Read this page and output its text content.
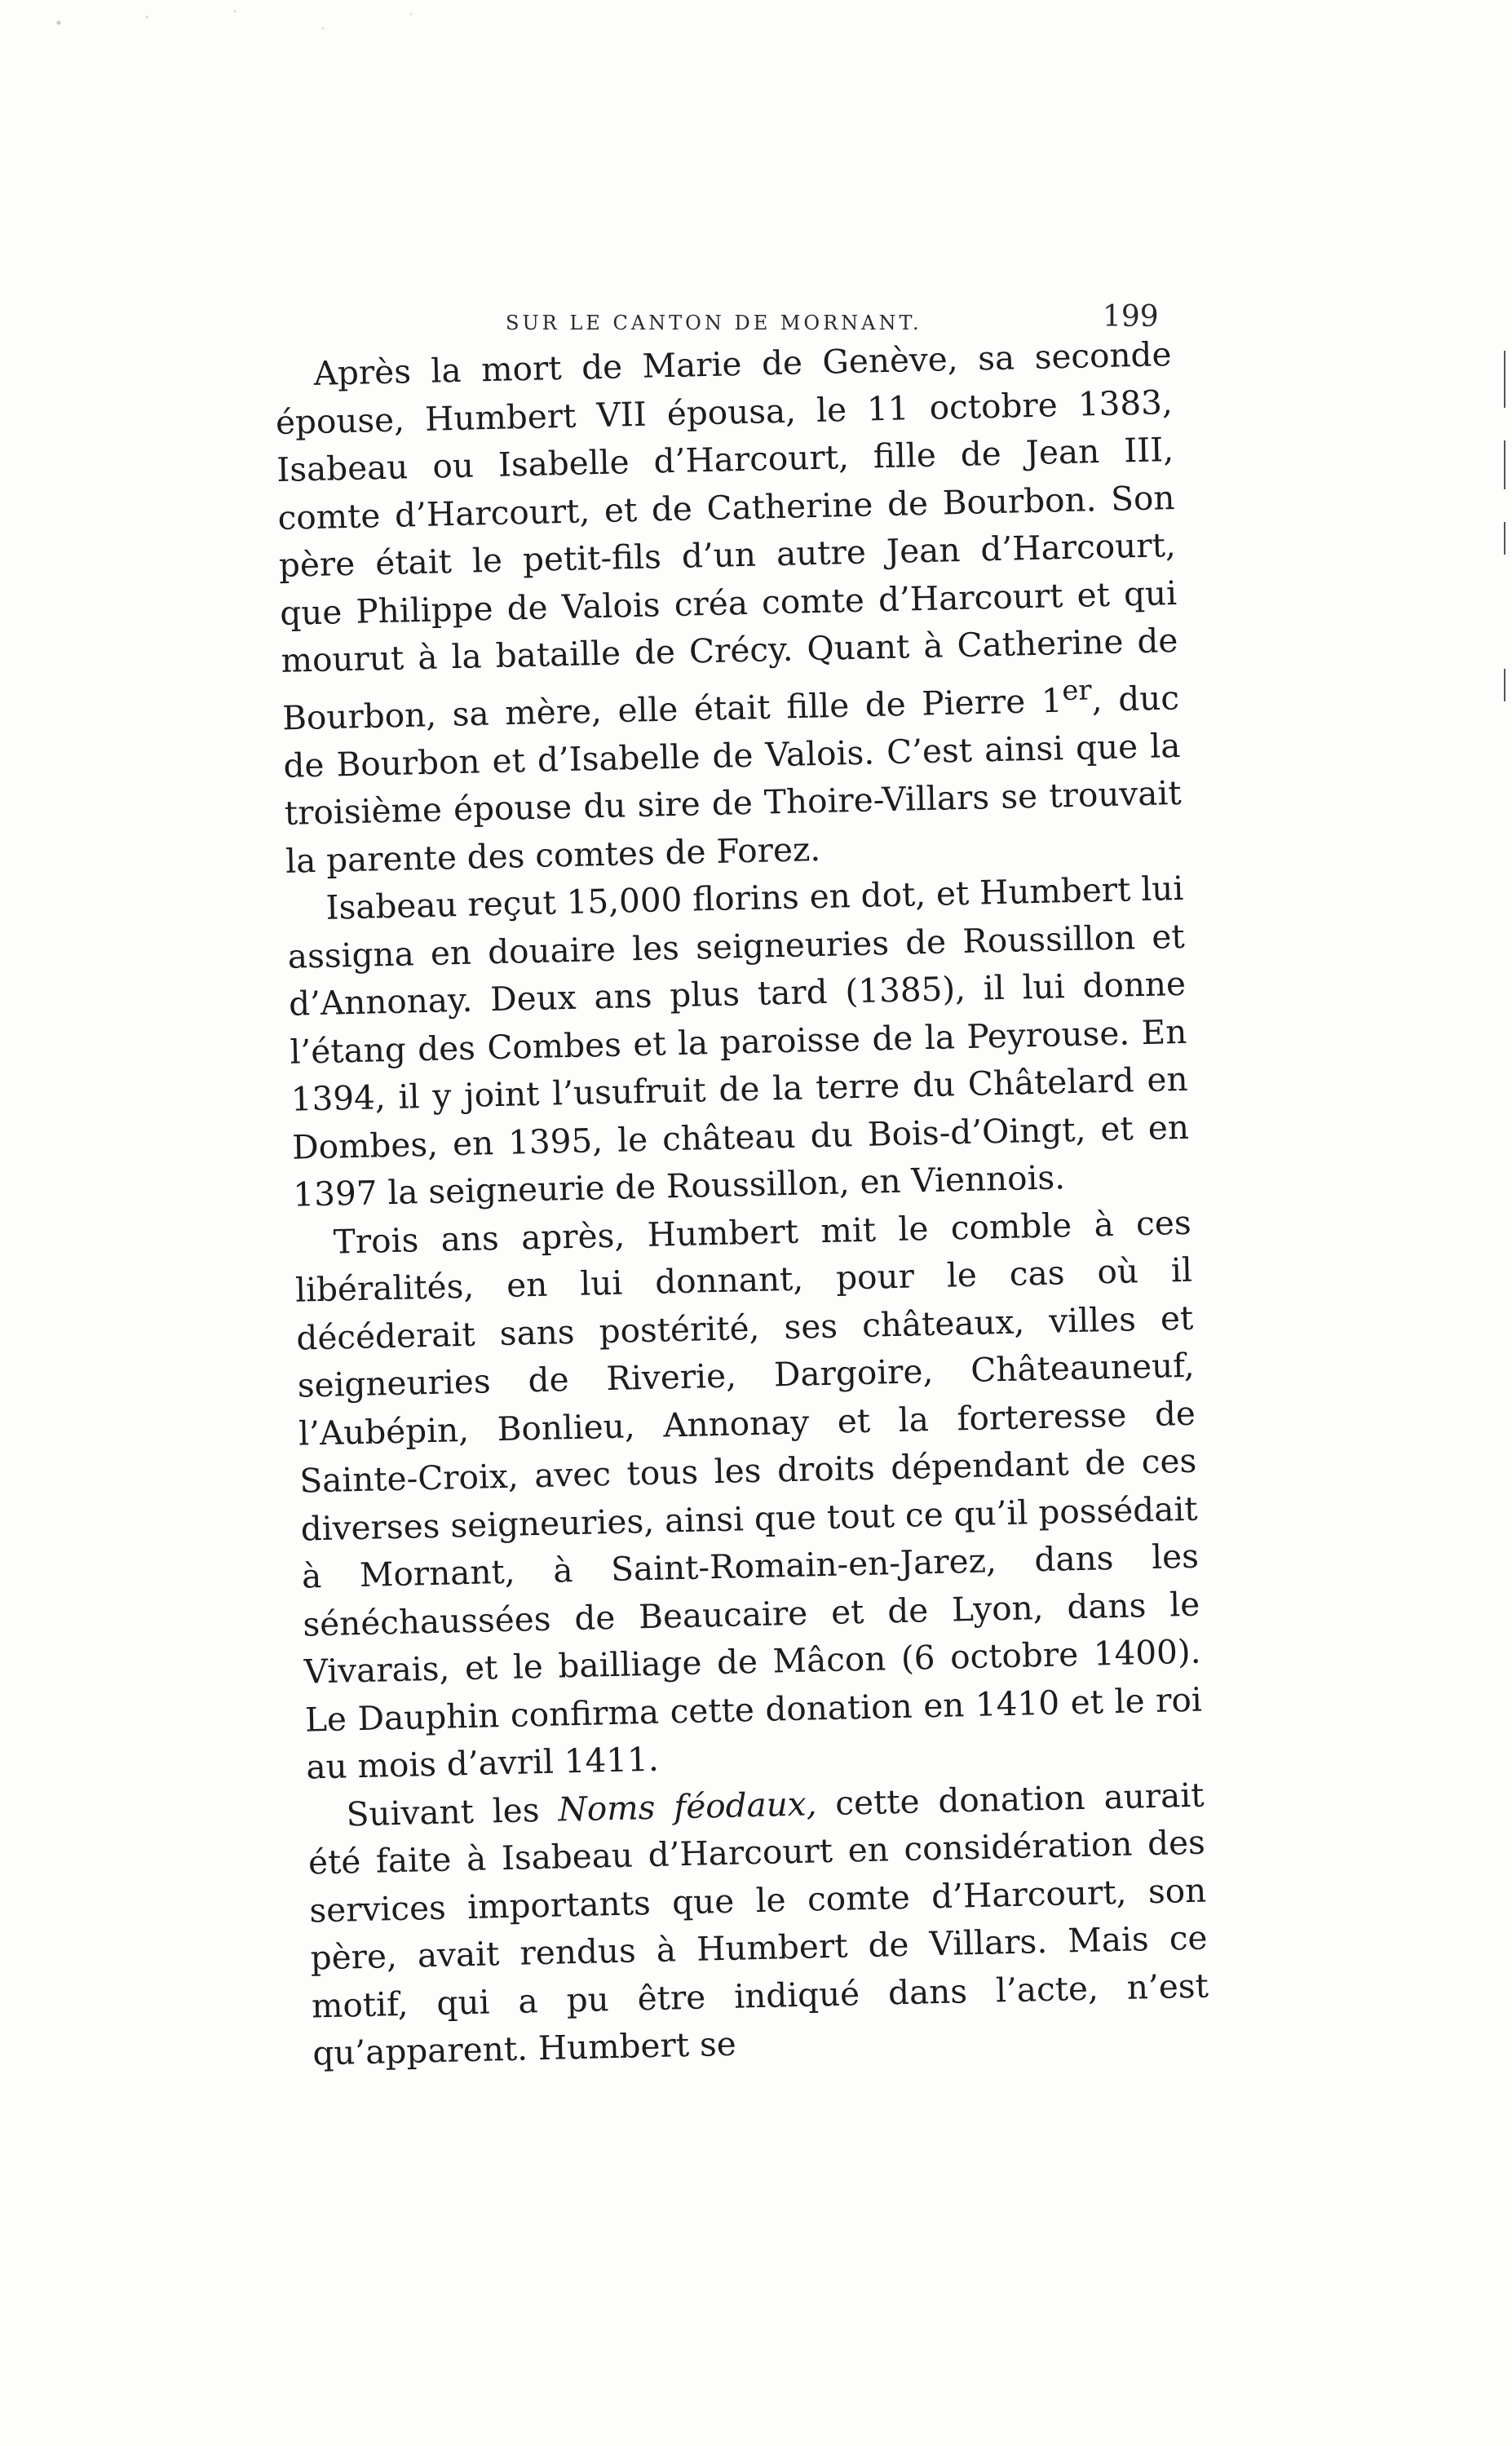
SUR LE CANTON DE MORNANT.	199

Après la mort de Marie de Genève, sa seconde épouse, Humbert VII épousa, le 11 octobre 1383, Isabeau ou Isabelle d’Harcourt, fille de Jean III, comte d’Harcourt, et de Catherine de Bourbon. Son père était le petit-fils d’un autre Jean d’Harcourt, que Philippe de Valois créa comte d’Harcourt et qui mourut à la bataille de Crécy. Quant à Catherine de Bourbon, sa mère, elle était fille de Pierre 1er, duc de Bourbon et d’Isabelle de Valois. C’est ainsi que la troisième épouse du sire de Thoire-Villars se trouvait la parente des comtes de Forez.

Isabeau reçut 15,000 florins en dot, et Humbert lui assigna en douaire les seigneuries de Roussillon et d’Annonay. Deux ans plus tard (1385), il lui donne l’étang des Combes et la paroisse de la Peyrouse. En 1394, il y joint l’usufruit de la terre du Châtelard en Dombes, en 1395, le château du Bois-d’Oingt, et en 1397 la seigneurie de Roussillon, en Viennois.

Trois ans après, Humbert mit le comble à ces libéralités, en lui donnant, pour le cas où il décéderait sans postérité, ses châteaux, villes et seigneuries de Riverie, Dargoire, Châteauneuf, l’Aubépin, Bonlieu, Annonay et la forteresse de Sainte-Croix, avec tous les droits dépendant de ces diverses seigneuries, ainsi que tout ce qu’il possédait à Mornant, à Saint-Romain-en-Jarez, dans les sénéchaussées de Beaucaire et de Lyon, dans le Vivarais, et le bailliage de Mâcon (6 octobre 1400). Le Dauphin confirma cette donation en 1410 et le roi au mois d’avril 1411.

Suivant les Noms féodaux, cette donation aurait été faite à Isabeau d’Harcourt en considération des services importants que le comte d’Harcourt, son père, avait rendus à Humbert de Villars. Mais ce motif, qui a pu être indiqué dans l’acte, n’est qu’apparent. Humbert se
